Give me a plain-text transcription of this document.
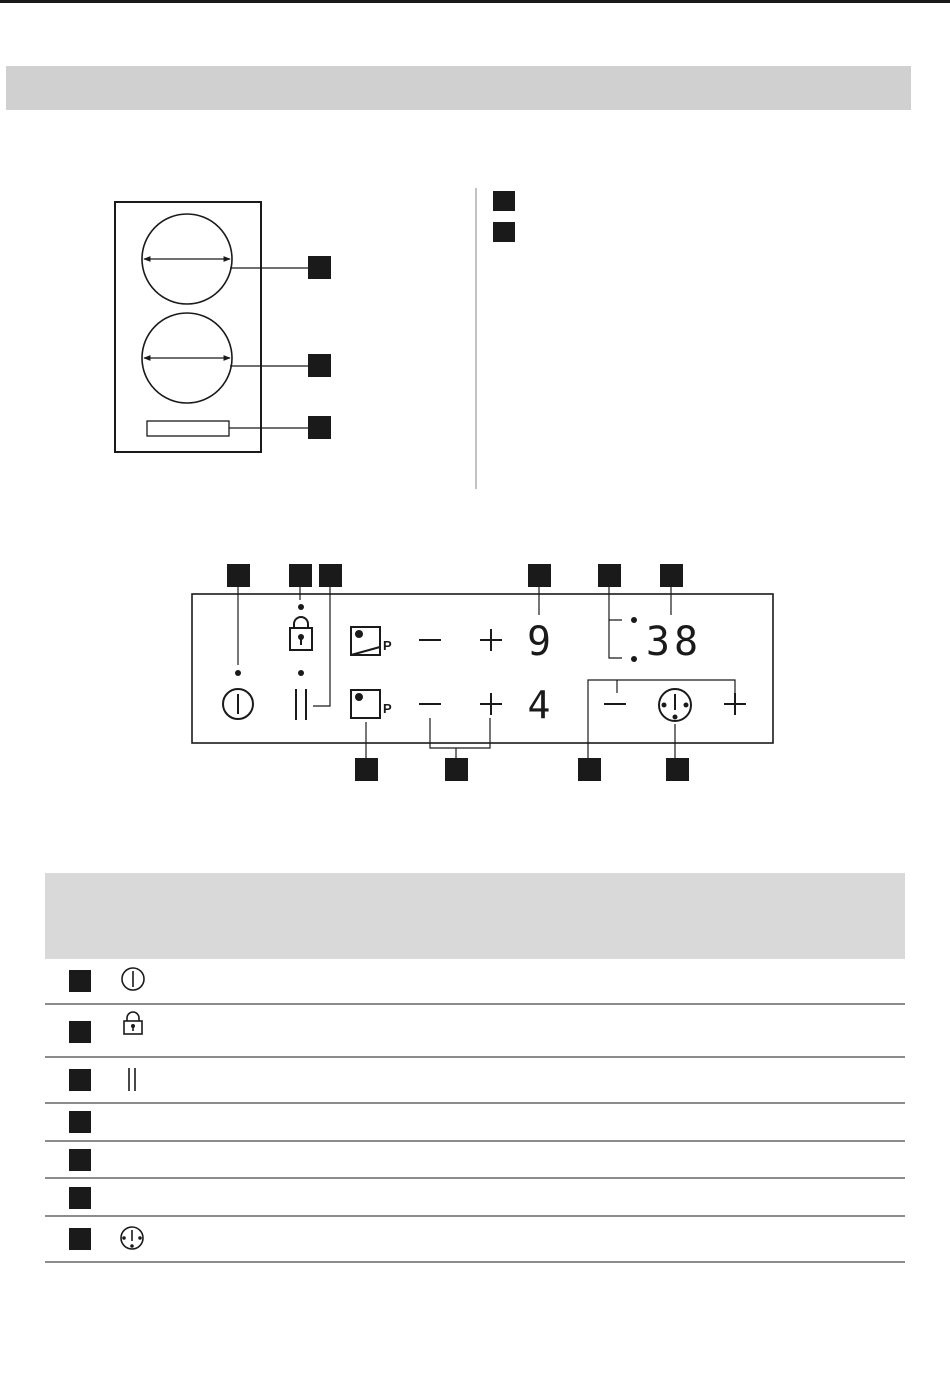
P
P
9
4
38
